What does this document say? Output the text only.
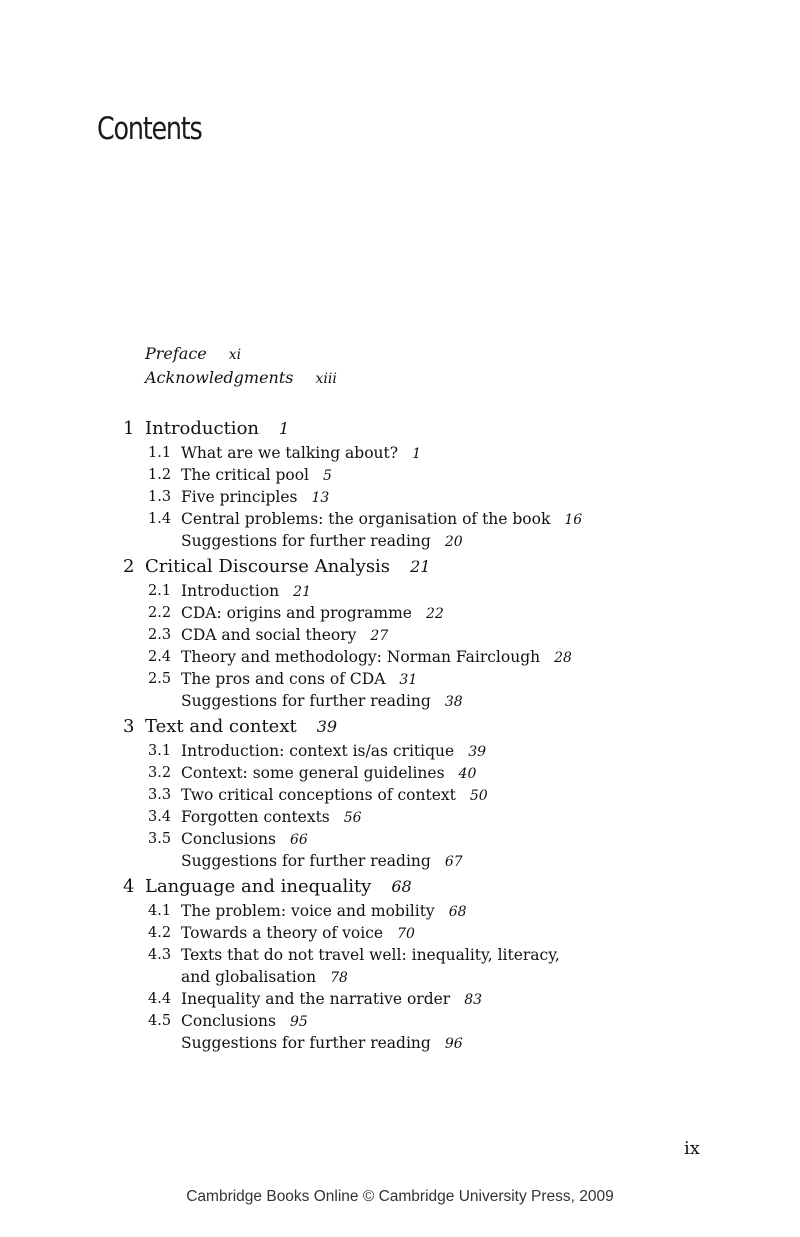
Contents
Preface xi
Acknowledgments xiii
1 Introduction 1
1.1 What are we talking about? 1
1.2 The critical pool 5
1.3 Five principles 13
1.4 Central problems: the organisation of the book 16
Suggestions for further reading 20
2 Critical Discourse Analysis 21
2.1 Introduction 21
2.2 CDA: origins and programme 22
2.3 CDA and social theory 27
2.4 Theory and methodology: Norman Fairclough 28
2.5 The pros and cons of CDA 31
Suggestions for further reading 38
3 Text and context 39
3.1 Introduction: context is/as critique 39
3.2 Context: some general guidelines 40
3.3 Two critical conceptions of context 50
3.4 Forgotten contexts 56
3.5 Conclusions 66
Suggestions for further reading 67
4 Language and inequality 68
4.1 The problem: voice and mobility 68
4.2 Towards a theory of voice 70
4.3 Texts that do not travel well: inequality, literacy,
and globalisation 78
4.4 Inequality and the narrative order 83
4.5 Conclusions 95
Suggestions for further reading 96
ix
Cambridge Books Online © Cambridge University Press, 2009
